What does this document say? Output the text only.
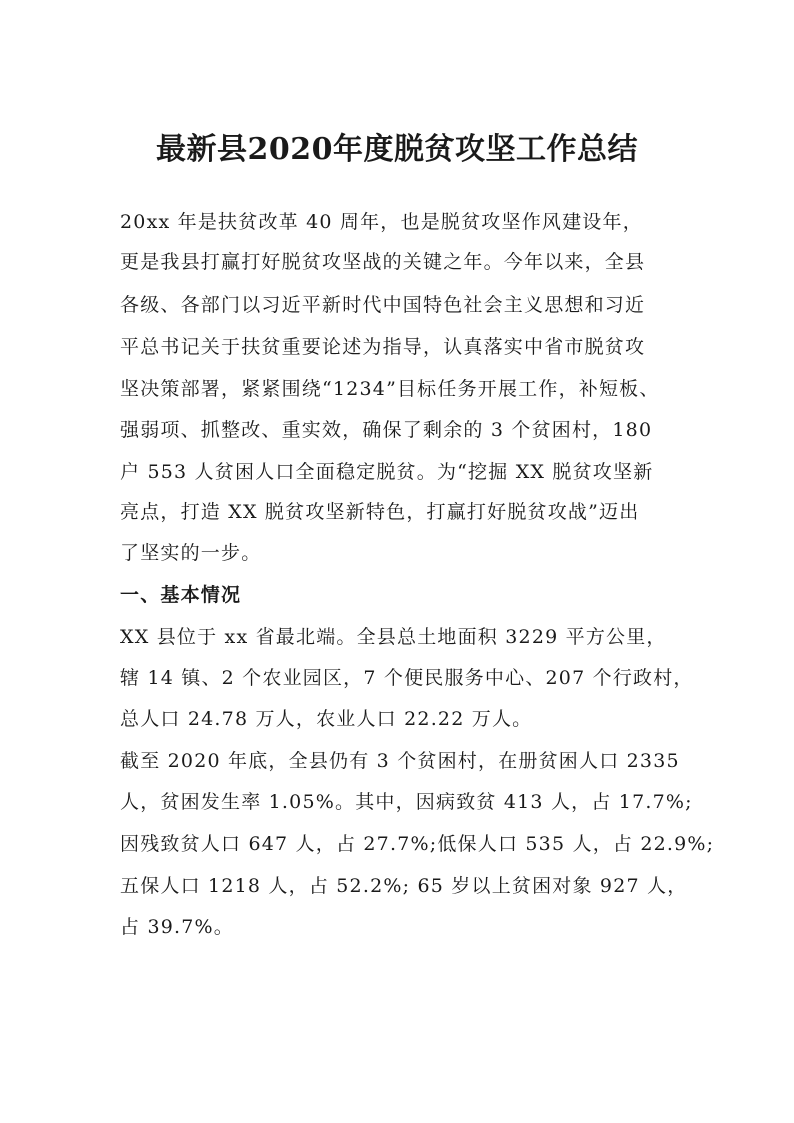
最新县2020年度脱贫攻坚工作总结

20xx 年是扶贫改革 40 周年，也是脱贫攻坚作风建设年，

更是我县打赢打好脱贫攻坚战的关键之年。今年以来，全县

各级、各部门以习近平新时代中国特色社会主义思想和习近

平总书记关于扶贫重要论述为指导，认真落实中省市脱贫攻

坚决策部署，紧紧围绕“1234”目标任务开展工作，补短板、

强弱项、抓整改、重实效，确保了剩余的 3 个贫困村，180

户 553 人贫困人口全面稳定脱贫。为“挖掘 XX 脱贫攻坚新

亮点，打造 XX 脱贫攻坚新特色，打赢打好脱贫攻战”迈出

了坚实的一步。

一、基本情况

XX 县位于 xx 省最北端。全县总土地面积 3229 平方公里，

辖 14 镇、2 个农业园区，7 个便民服务中心、207 个行政村，

总人口 24.78 万人，农业人口 22.22 万人。

截至 2020 年底，全县仍有 3 个贫困村，在册贫困人口 2335

人，贫困发生率 1.05%。其中，因病致贫 413 人，占 17.7%;

因残致贫人口 647 人，占 27.7%;低保人口 535 人，占 22.9%;

五保人口 1218 人，占 52.2%; 65 岁以上贫困对象 927 人，

占 39.7%。
